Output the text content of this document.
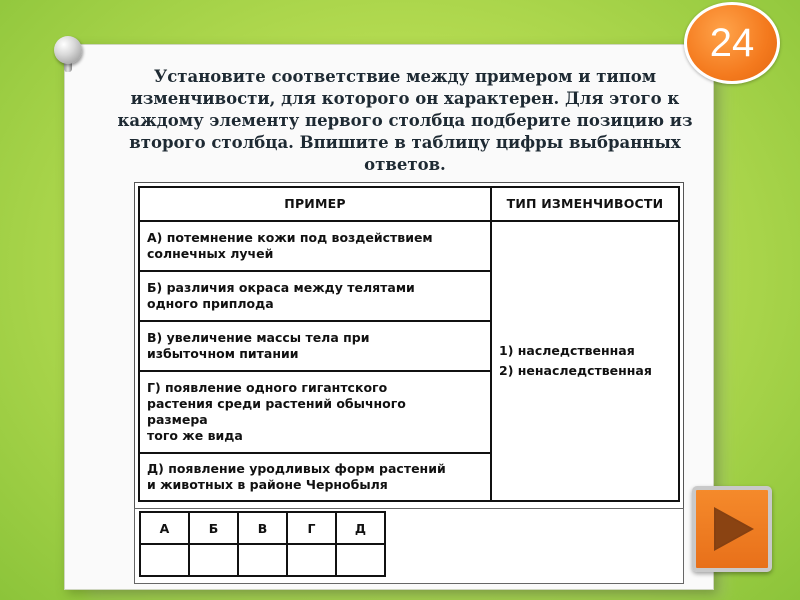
24
Установите соответствие между примером и типом изменчивости, для которого он характерен. Для этого к каждому элементу первого столбца подберите позицию из второго столбца. Впишите в таблицу цифры выбранных ответов.
ПРИМЕР	ТИП ИЗМЕНЧИВОСТИ
А) потемнение кожи под воздействием
солнечных лучей	1) наследственная
2) ненаследственная

Б) различия окраса между телятами
одного приплода	
В) увеличение массы тела при
избыточном питании	
Г) появление одного гигантского
растения среди растений обычного
размера
того же вида	
Д) появление уродливых форм растений
и животных в районе Чернобыля	
А	Б	В	Г	Д
